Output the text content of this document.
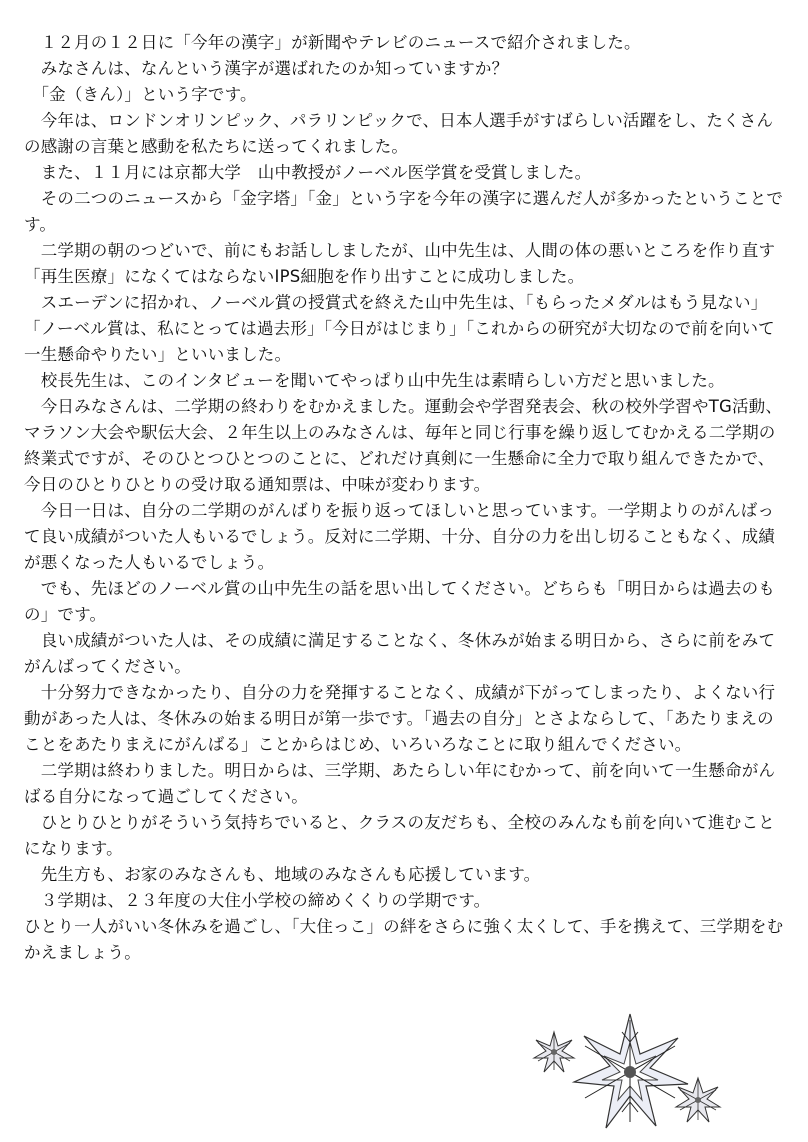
　１２月の１２日に「今年の漢字」が新聞やテレビのニュースで紹介されました。

　みなさんは、なんという漢字が選ばれたのか知っていますか？

　「金（きん）」という字です。

　今年は、ロンドンオリンピック、パラリンピックで、日本人選手がすばらしい活躍をし、たくさんの感謝の言葉と感動を私たちに送ってくれました。

　また、１１月には京都大学　山中教授がノーベル医学賞を受賞しました。

　その二つのニュースから「金字塔」「金」という字を今年の漢字に選んだ人が多かったということです。

　二学期の朝のつどいで、前にもお話ししましたが、山中先生は、人間の体の悪いところを作り直す「再生医療」になくてはならないIPS細胞を作り出すことに成功しました。

　スエーデンに招かれ、ノーベル賞の授賞式を終えた山中先生は、「もらったメダルはもう見ない」「ノーベル賞は、私にとっては過去形」「今日がはじまり」「これからの研究が大切なので前を向いて一生懸命やりたい」といいました。

　校長先生は、このインタビューを聞いてやっぱり山中先生は素晴らしい方だと思いました。

　今日みなさんは、二学期の終わりをむかえました。運動会や学習発表会、秋の校外学習やTG活動、マラソン大会や駅伝大会、２年生以上のみなさんは、毎年と同じ行事を繰り返してむかえる二学期の終業式ですが、そのひとつひとつのことに、どれだけ真剣に一生懸命に全力で取り組んできたかで、今日のひとりひとりの受け取る通知票は、中味が変わります。

　今日一日は、自分の二学期のがんばりを振り返ってほしいと思っています。一学期よりのがんばって良い成績がついた人もいるでしょう。反対に二学期、十分、自分の力を出し切ることもなく、成績が悪くなった人もいるでしょう。

　でも、先ほどのノーベル賞の山中先生の話を思い出してください。どちらも「明日からは過去のもの」です。

　良い成績がついた人は、その成績に満足することなく、冬休みが始まる明日から、さらに前をみてがんばってください。

　十分努力できなかったり、自分の力を発揮することなく、成績が下がってしまったり、よくない行動があった人は、冬休みの始まる明日が第一歩です。「過去の自分」とさよならして、「あたりまえのことをあたりまえにがんばる」ことからはじめ、いろいろなことに取り組んでください。

　二学期は終わりました。明日からは、三学期、あたらしい年にむかって、前を向いて一生懸命がんばる自分になって過ごしてください。

　ひとりひとりがそういう気持ちでいると、クラスの友だちも、全校のみんなも前を向いて進むことになります。

　先生方も、お家のみなさんも、地域のみなさんも応援しています。

　３学期は、２３年度の大住小学校の締めくくりの学期です。

ひとり一人がいい冬休みを過ごし、「大住っこ」の絆をさらに強く太くして、手を携えて、三学期をむかえましょう。
